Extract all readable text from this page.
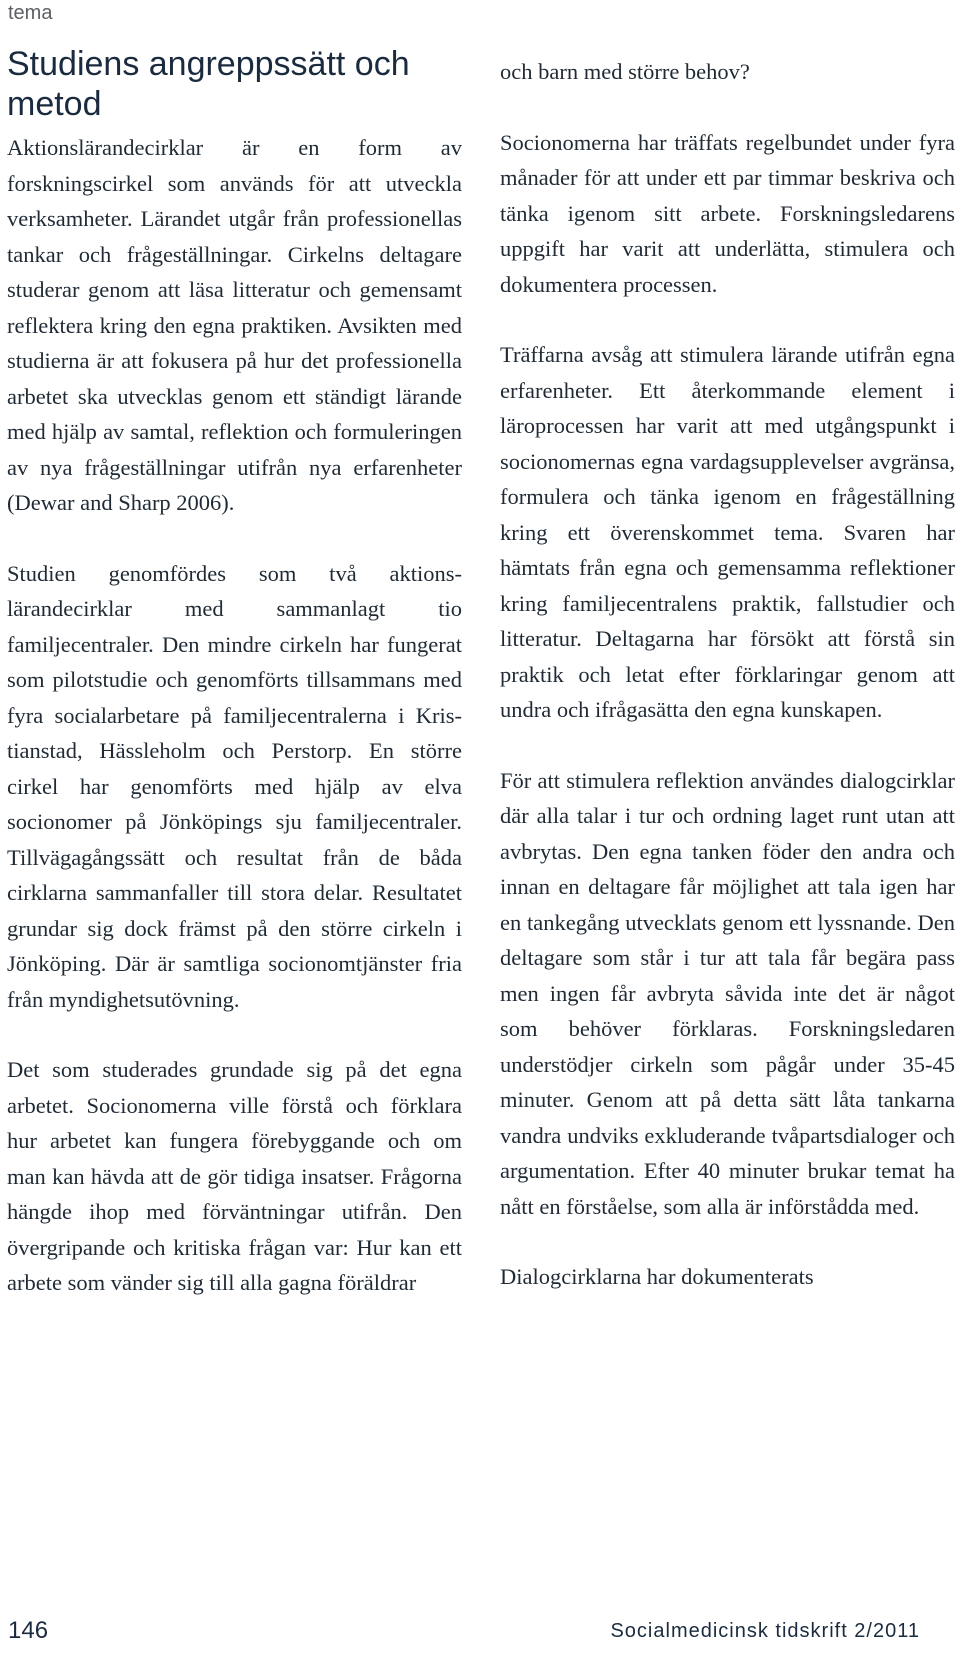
tema
Studiens angreppssätt och metod

Aktionslärandecirklar är en form av forskningscirkel som används för att utveckla verksamheter. Lärandet utgår från professionellas tankar och frågeställningar. Cirkelns deltagare studerar genom att läsa litteratur och gemensamt reflektera kring den egna praktiken. Avsikten med studierna är att fokusera på hur det professionella arbetet ska utvecklas genom ett ständigt lärande med hjälp av samtal, reflektion och formuleringen av nya frågeställningar utifrån nya erfarenheter (Dewar and Sharp 2006).

Studien genomfördes som två aktionslärandecirklar med sammanlagt tio familjecentraler. Den mindre cirkeln har fungerat som pilotstudie och genomförts tillsammans med fyra socialarbetare på familjecentralerna i Kristianstad, Hässleholm och Perstorp. En större cirkel har genomförts med hjälp av elva socionomer på Jönköpings sju familjecentraler. Tillvägagångssätt och resultat från de båda cirklarna sammanfaller till stora delar. Resultatet grundar sig dock främst på den större cirkeln i Jönköping. Där är samtliga socionomtjänster fria från myndighetsutövning.

Det som studerades grundade sig på det egna arbetet. Socionomerna ville förstå och förklara hur arbetet kan fungera förebyggande och om man kan hävda att de gör tidiga insatser. Frågorna hängde ihop med förväntningar utifrån. Den övergripande och kritiska frågan var: Hur kan ett arbete som vänder sig till alla gagna föräldrar

och barn med större behov?

Socionomerna har träffats regelbundet under fyra månader för att under ett par timmar beskriva och tänka igenom sitt arbete. Forskningsledarens uppgift har varit att underlätta, stimulera och dokumentera processen.

Träffarna avsåg att stimulera lärande utifrån egna erfarenheter. Ett återkommande element i läroprocessen har varit att med utgångspunkt i socionomernas egna vardagsupplevelser avgränsa, formulera och tänka igenom en frågeställning kring ett överenskommet tema. Svaren har hämtats från egna och gemensamma reflektioner kring familjecentralens praktik, fallstudier och litteratur. Deltagarna har försökt att förstå sin praktik och letat efter förklaringar genom att undra och ifrågasätta den egna kunskapen.

För att stimulera reflektion användes dialogcirklar där alla talar i tur och ordning laget runt utan att avbrytas. Den egna tanken föder den andra och innan en deltagare får möjlighet att tala igen har en tankegång utvecklats genom ett lyssnande. Den deltagare som står i tur att tala får begära pass men ingen får avbryta såvida inte det är något som behöver förklaras. Forskningsledaren understödjer cirkeln som pågår under 35-45 minuter. Genom att på detta sätt låta tankarna vandra undviks exkluderande tvåpartsdialoger och argumentation. Efter 40 minuter brukar temat ha nått en förståelse, som alla är införstådda med.

Dialogcirklarna har dokumenterats

146	Socialmedicinsk tidskrift 2/2011
